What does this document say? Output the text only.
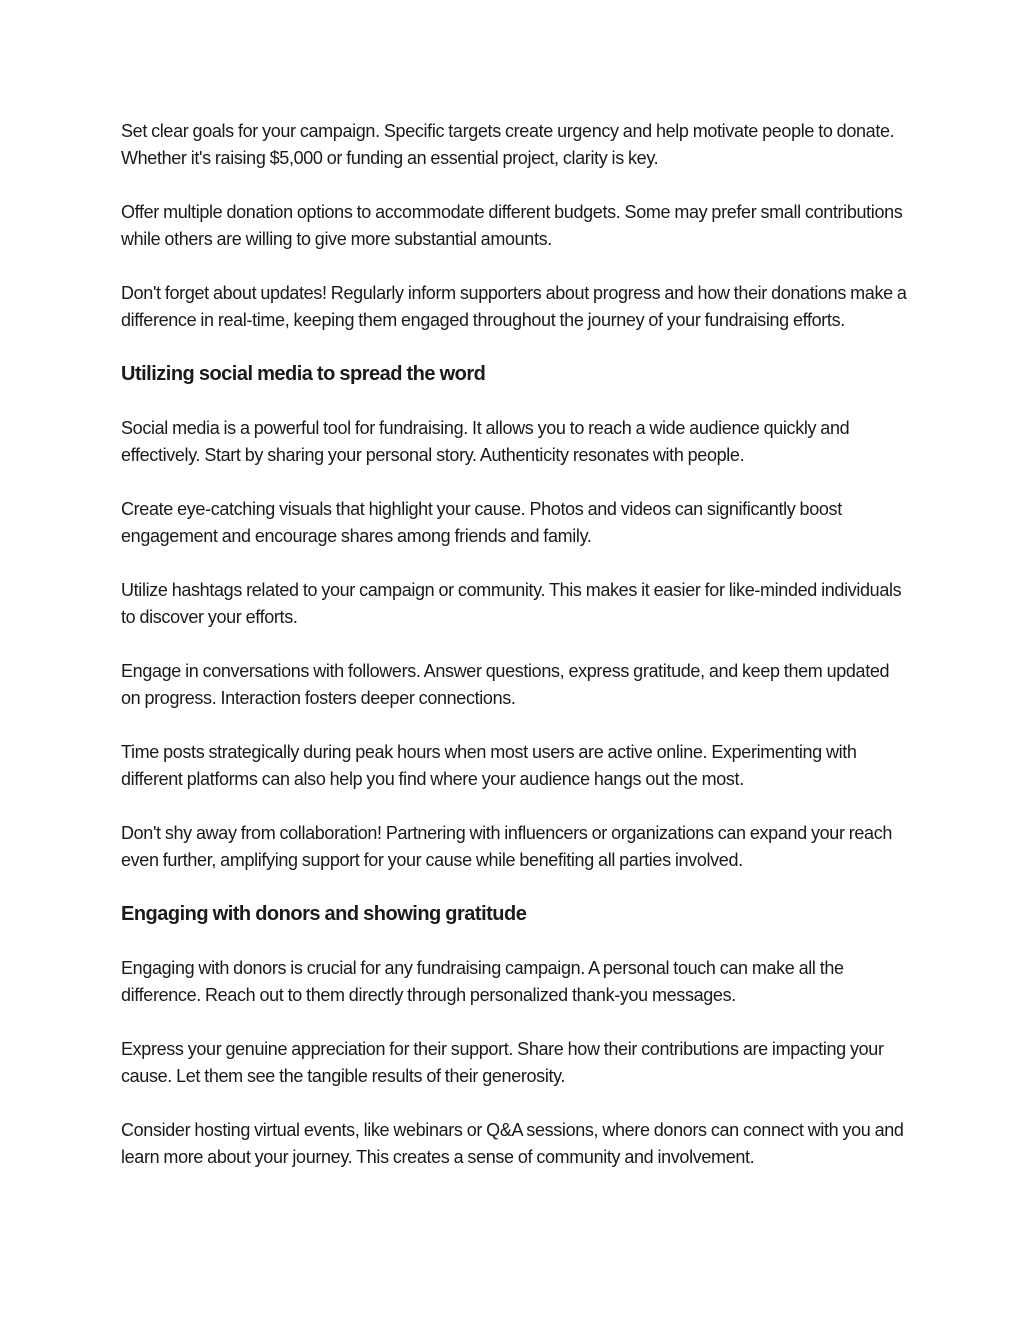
Set clear goals for your campaign. Specific targets create urgency and help motivate people to donate. Whether it's raising $5,000 or funding an essential project, clarity is key.

Offer multiple donation options to accommodate different budgets. Some may prefer small contributions while others are willing to give more substantial amounts.

Don't forget about updates! Regularly inform supporters about progress and how their donations make a difference in real-time, keeping them engaged throughout the journey of your fundraising efforts.

Utilizing social media to spread the word

Social media is a powerful tool for fundraising. It allows you to reach a wide audience quickly and effectively. Start by sharing your personal story. Authenticity resonates with people.

Create eye-catching visuals that highlight your cause. Photos and videos can significantly boost engagement and encourage shares among friends and family.

Utilize hashtags related to your campaign or community. This makes it easier for like-minded individuals to discover your efforts.

Engage in conversations with followers. Answer questions, express gratitude, and keep them updated on progress. Interaction fosters deeper connections.

Time posts strategically during peak hours when most users are active online. Experimenting with different platforms can also help you find where your audience hangs out the most.

Don't shy away from collaboration! Partnering with influencers or organizations can expand your reach even further, amplifying support for your cause while benefiting all parties involved.

Engaging with donors and showing gratitude

Engaging with donors is crucial for any fundraising campaign. A personal touch can make all the difference. Reach out to them directly through personalized thank-you messages.

Express your genuine appreciation for their support. Share how their contributions are impacting your cause. Let them see the tangible results of their generosity.

Consider hosting virtual events, like webinars or Q&A sessions, where donors can connect with you and learn more about your journey. This creates a sense of community and involvement.
